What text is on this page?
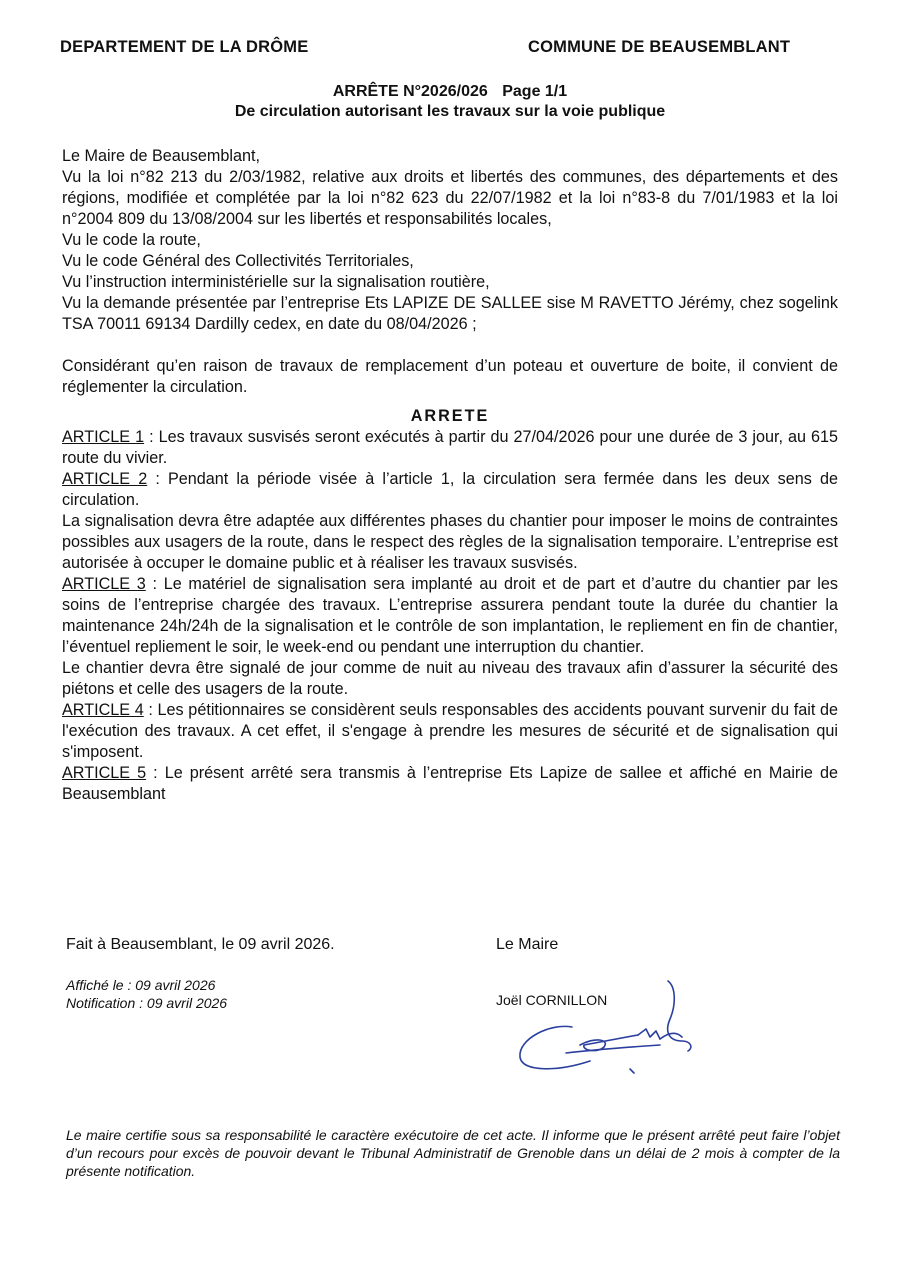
DEPARTEMENT DE LA DRÔME	COMMUNE DE BEAUSEMBLANT
ARRÊTE N°2026/026 Page 1/1
De circulation autorisant les travaux sur la voie publique

Le Maire de Beausemblant,

Vu la loi n°82 213 du 2/03/1982, relative aux droits et libertés des communes, des départements et des régions, modifiée et complétée par la loi n°82 623 du 22/07/1982 et la loi n°83-8 du 7/01/1983 et la loi n°2004 809 du 13/08/2004 sur les libertés et responsabilités locales,

Vu le code la route,

Vu le code Général des Collectivités Territoriales,

Vu l’instruction interministérielle sur la signalisation routière,

Vu la demande présentée par l’entreprise Ets LAPIZE DE SALLEE sise M RAVETTO Jérémy, chez sogelink TSA 70011 69134 Dardilly cedex, en date du 08/04/2026 ;

Considérant qu’en raison de travaux de remplacement d’un poteau et ouverture de boite, il convient de réglementer la circulation.

ARRETE

ARTICLE 1 : Les travaux susvisés seront exécutés à partir du 27/04/2026 pour une durée de 3 jour, au 615 route du vivier.

ARTICLE 2 : Pendant la période visée à l’article 1, la circulation sera fermée dans les deux sens de circulation.

La signalisation devra être adaptée aux différentes phases du chantier pour imposer le moins de contraintes possibles aux usagers de la route, dans le respect des règles de la signalisation temporaire. L’entreprise est autorisée à occuper le domaine public et à réaliser les travaux susvisés.

ARTICLE 3 : Le matériel de signalisation sera implanté au droit et de part et d’autre du chantier par les soins de l’entreprise chargée des travaux. L’entreprise assurera pendant toute la durée du chantier la maintenance 24h/24h de la signalisation et le contrôle de son implantation, le repliement en fin de chantier, l’éventuel repliement le soir, le week-end ou pendant une interruption du chantier.

Le chantier devra être signalé de jour comme de nuit au niveau des travaux afin d’assurer la sécurité des piétons et celle des usagers de la route.

ARTICLE 4 : Les pétitionnaires se considèrent seuls responsables des accidents pouvant survenir du fait de l'exécution des travaux. A cet effet, il s'engage à prendre les mesures de sécurité et de signalisation qui s'imposent.

ARTICLE 5 : Le présent arrêté sera transmis à l’entreprise Ets Lapize de sallee et affiché en Mairie de Beausemblant

Fait à Beausemblant, le 09 avril 2026.	Le Maire
Affiché le : 09 avril 2026
Notification : 09 avril 2026	Joël CORNILLON
Le maire certifie sous sa responsabilité le caractère exécutoire de cet acte. Il informe que le présent arrêté peut faire l’objet d’un recours pour excès de pouvoir devant le Tribunal Administratif de Grenoble dans un délai de 2 mois à compter de la présente notification.
